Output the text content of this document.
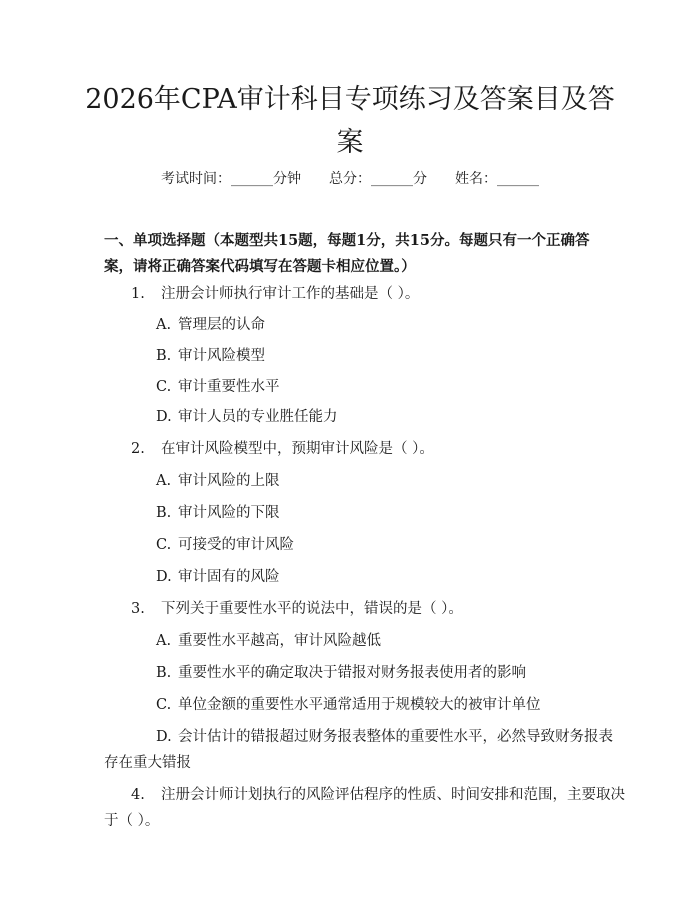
2026年CPA审计科目专项练习及答案目及答
案
考试时间：______分钟 总分：______分 姓名：______
一、单项选择题（本题型共15题，每题1分，共15分。每题只有一个正确答
案，请将正确答案代码填写在答题卡相应位置。）
1. 注册会计师执行审计工作的基础是（ ）。
A. 管理层的认命
B. 审计风险模型
C. 审计重要性水平
D. 审计人员的专业胜任能力
2. 在审计风险模型中，预期审计风险是（ ）。
A. 审计风险的上限
B. 审计风险的下限
C. 可接受的审计风险
D. 审计固有的风险
3. 下列关于重要性水平的说法中，错误的是（ ）。
A. 重要性水平越高，审计风险越低
B. 重要性水平的确定取决于错报对财务报表使用者的影响
C. 单位金额的重要性水平通常适用于规模较大的被审计单位
D. 会计估计的错报超过财务报表整体的重要性水平，必然导致财务报表
存在重大错报
4. 注册会计师计划执行的风险评估程序的性质、时间安排和范围，主要取决
于（ ）。
